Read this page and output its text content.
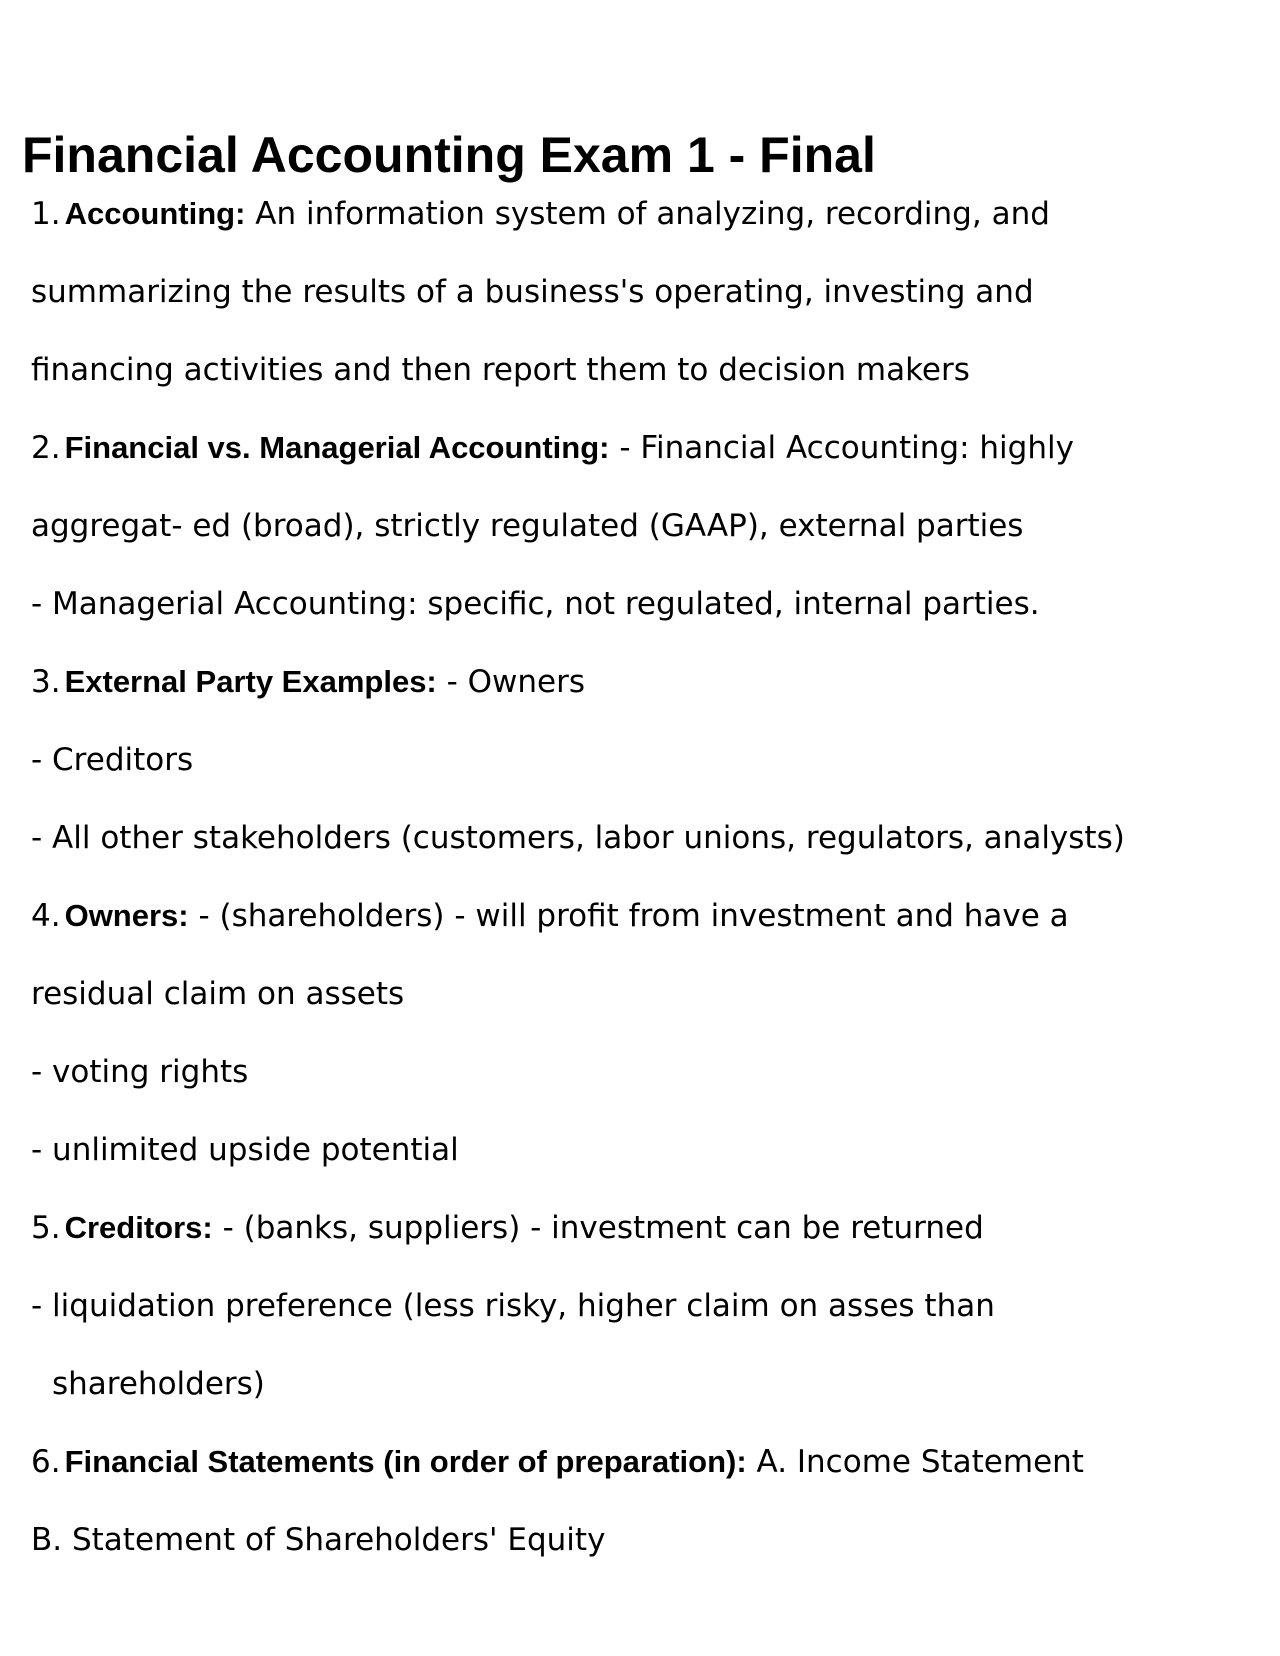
Financial Accounting Exam 1 - Final
1. Accounting: An information system of analyzing, recording, and
summarizing the results of a business's operating, investing and
financing activities and then report them to decision makers
2. Financial vs. Managerial Accounting: - Financial Accounting: highly
aggregat- ed (broad), strictly regulated (GAAP), external parties
- Managerial Accounting: specific, not regulated, internal parties.
3. External Party Examples: - Owners
- Creditors
- All other stakeholders (customers, labor unions, regulators, analysts)
4. Owners: - (shareholders) - will profit from investment and have a
residual claim on assets
- voting rights
- unlimited upside potential
5. Creditors: - (banks, suppliers) - investment can be returned
- liquidation preference (less risky, higher claim on asses than
shareholders)
6. Financial Statements (in order of preparation): A. Income Statement
B. Statement of Shareholders' Equity
